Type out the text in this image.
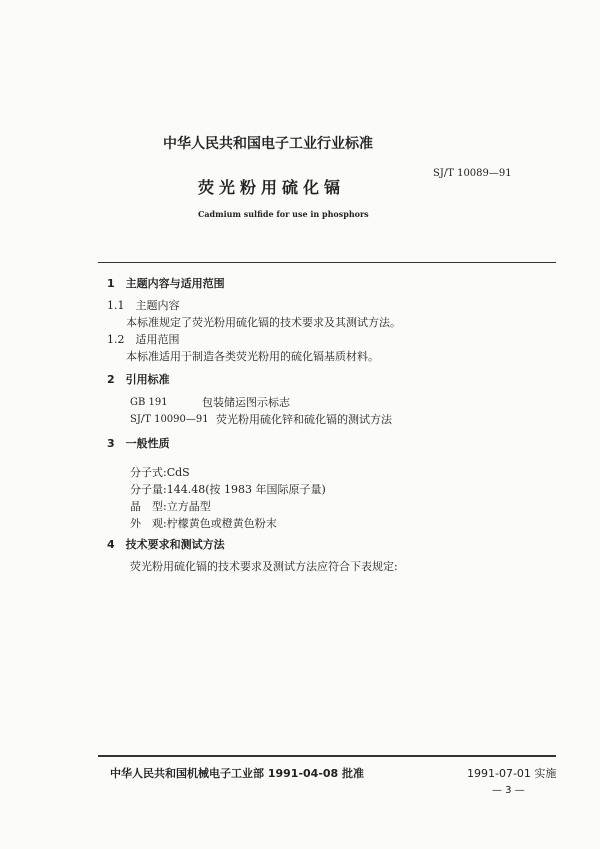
中华人民共和国电子工业行业标准
SJ/T 10089—91
荧光粉用硫化镉
Cadmium sulfide for use in phosphors
1　主题内容与适用范围
1.1　主题内容
本标准规定了荧光粉用硫化镉的技术要求及其测试方法。
1.2　适用范围
本标准适用于制造各类荧光粉用的硫化镉基质材料。
2　引用标准
GB 191	包装储运图示标志
SJ/T 10090—91 荧光粉用硫化锌和硫化镉的测试方法
3　一般性质
分子式:CdS
分子量:144.48(按 1983 年国际原子量)
晶　型:立方晶型
外　观:柠檬黄色或橙黄色粉末
4　技术要求和测试方法
荧光粉用硫化镉的技术要求及测试方法应符合下表规定:
中华人民共和国机械电子工业部 1991-04-08 批准	1991-07-01 实施
— 3 —
